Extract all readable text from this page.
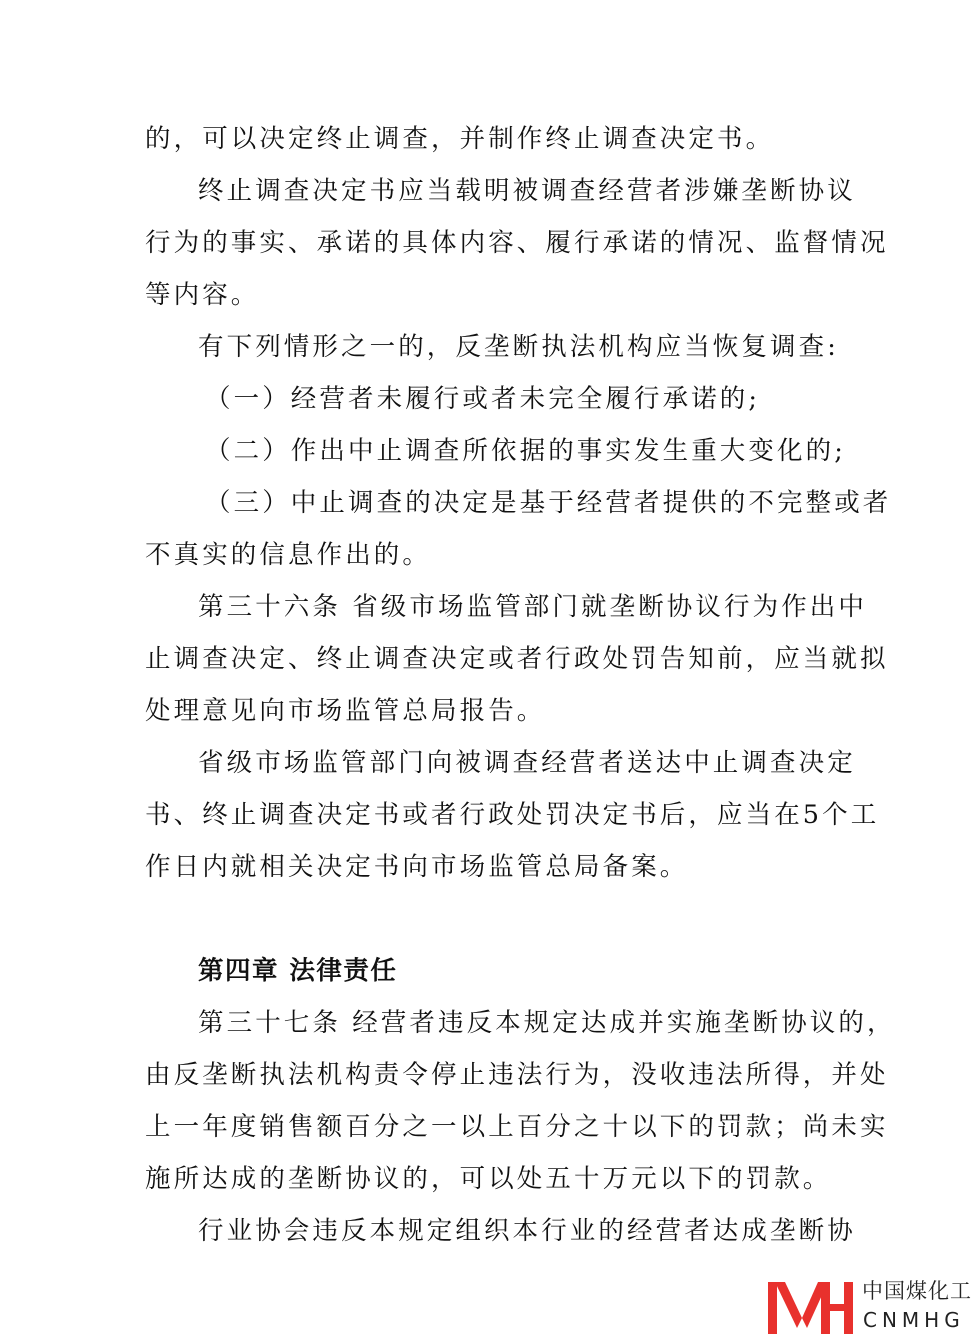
的，可以决定终止调查，并制作终止调查决定书。
终止调查决定书应当载明被调查经营者涉嫌垄断协议
行为的事实、承诺的具体内容、履行承诺的情况、监督情况
等内容。
有下列情形之一的，反垄断执法机构应当恢复调查:
（一）经营者未履行或者未完全履行承诺的;
（二）作出中止调查所依据的事实发生重大变化的;
（三）中止调查的决定是基于经营者提供的不完整或者
不真实的信息作出的。
第三十六条 省级市场监管部门就垄断协议行为作出中
止调查决定、终止调查决定或者行政处罚告知前，应当就拟
处理意见向市场监管总局报告。
省级市场监管部门向被调查经营者送达中止调查决定
书、终止调查决定书或者行政处罚决定书后，应当在5个工
作日内就相关决定书向市场监管总局备案。
第四章 法律责任
第三十七条 经营者违反本规定达成并实施垄断协议的，
由反垄断执法机构责令停止违法行为，没收违法所得，并处
上一年度销售额百分之一以上百分之十以下的罚款；尚未实
施所达成的垄断协议的，可以处五十万元以下的罚款。
行业协会违反本规定组织本行业的经营者达成垄断协
中国煤化工
CNMHG
